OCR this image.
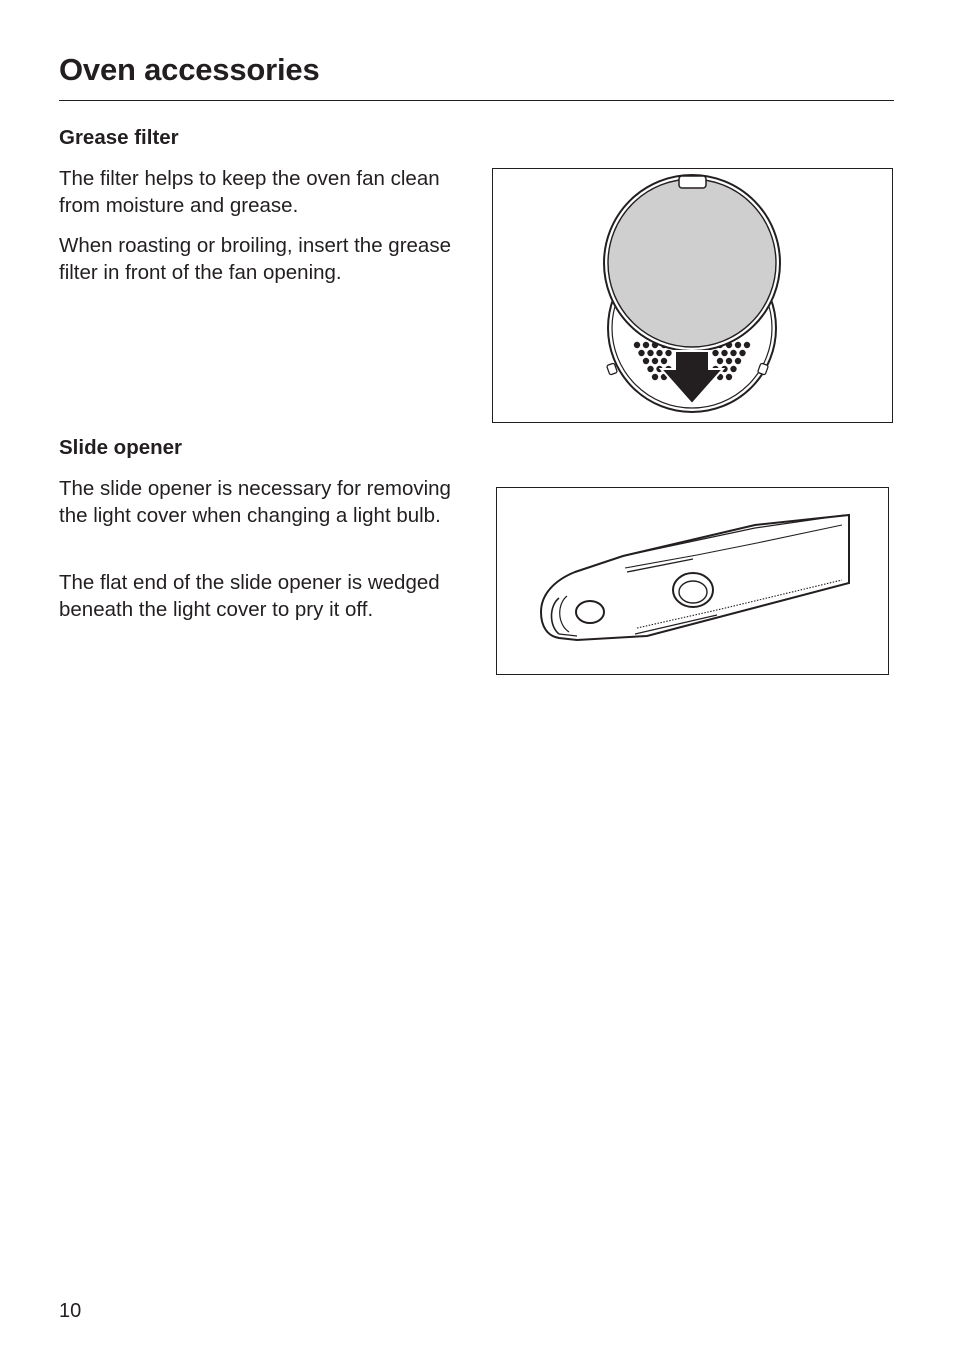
Oven accessories
Grease filter

The filter helps to keep the oven fan clean from moisture and grease.

When roasting or broiling, insert the grease filter in front of the fan opening.

Slide opener

The slide opener is necessary for removing the light cover when changing a light bulb.

The flat end of the slide opener is wedged beneath the light cover to pry it off.

10
